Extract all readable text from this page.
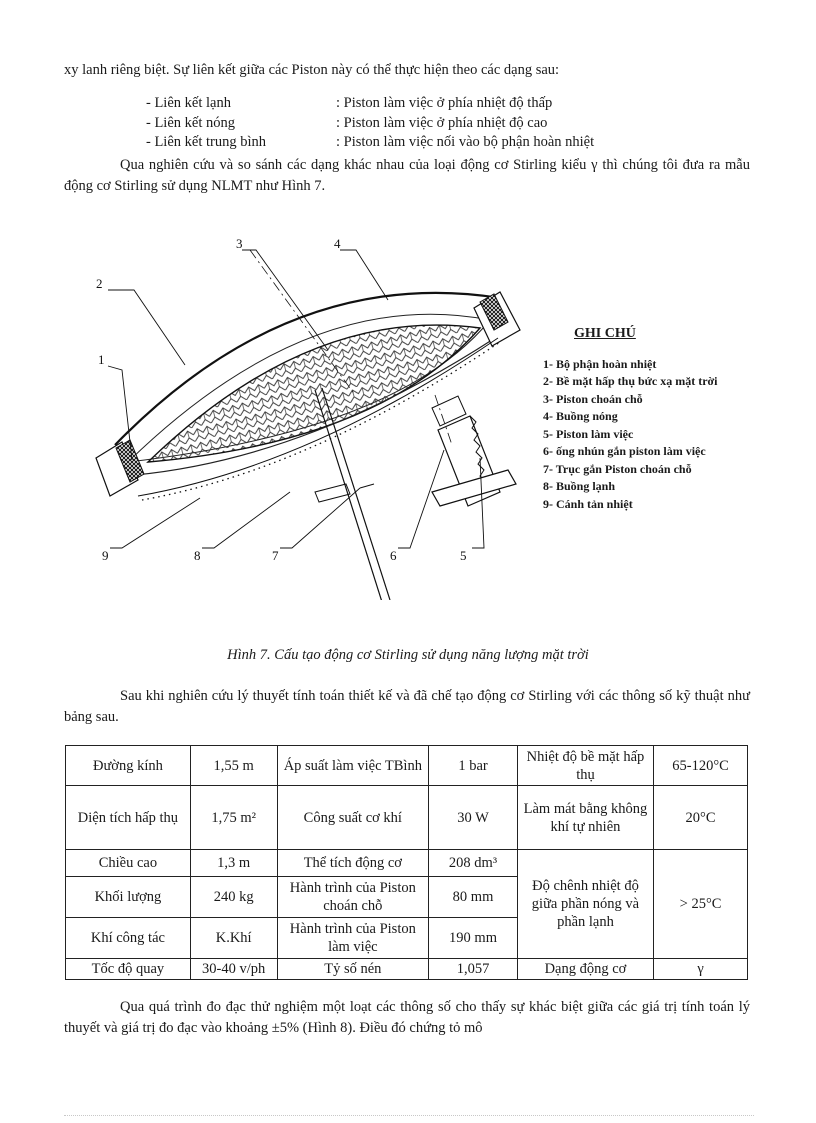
xy lanh riêng biệt. Sự liên kết giữa các Piston này có thể thực hiện theo các dạng sau:
- Liên kết lạnh	: Piston làm việc ở phía nhiệt độ thấp
- Liên kết nóng	: Piston làm việc ở phía nhiệt độ cao
- Liên kết trung bình	: Piston làm việc nối vào bộ phận hoàn nhiệt
Qua nghiên cứu và so sánh các dạng khác nhau của loại động cơ Stirling kiểu γ thì chúng tôi đưa ra mẫu động cơ Stirling sử dụng NLMT như Hình 7.
1
2
3	4
5
6
7
8
9
GHI CHÚ
1- Bộ phận hoàn nhiệt
2- Bề mặt hấp thụ bức xạ mặt trời
3- Piston choán chỗ
4- Buồng nóng
5- Piston làm việc
6- ống nhún gắn piston làm việc
7- Trục gắn Piston choán chỗ
8- Buồng lạnh
9- Cánh tản nhiệt
Hình 7. Cấu tạo động cơ Stirling sử dụng năng lượng mặt trời
Sau khi nghiên cứu lý thuyết tính toán thiết kế và đã chế tạo động cơ Stirling với các thông số kỹ thuật như bảng sau.
Đường kính	1,55 m	Áp suất làm việc TBình	1 bar	Nhiệt độ bề mặt hấp thụ	65-120°C
Diện tích hấp thụ	1,75 m²	Công suất cơ khí	30 W	Làm mát bằng không khí tự nhiên	20°C
Chiều cao	1,3 m	Thể tích động cơ	208 dm³	Độ chênh nhiệt độ giữa phần nóng và phần lạnh	> 25°C
Khối lượng	240 kg	Hành trình của Piston choán chỗ	80 mm		
Khí công tác	K.Khí	Hành trình của Piston làm việc	190 mm		
Tốc độ quay	30-40 v/ph	Tỷ số nén	1,057	Dạng động cơ	γ
Qua quá trình đo đạc thử nghiệm một loạt các thông số cho thấy sự khác biệt giữa các giá trị tính toán lý thuyết và giá trị đo đạc vào khoảng ±5% (Hình 8). Điều đó chứng tỏ mô
